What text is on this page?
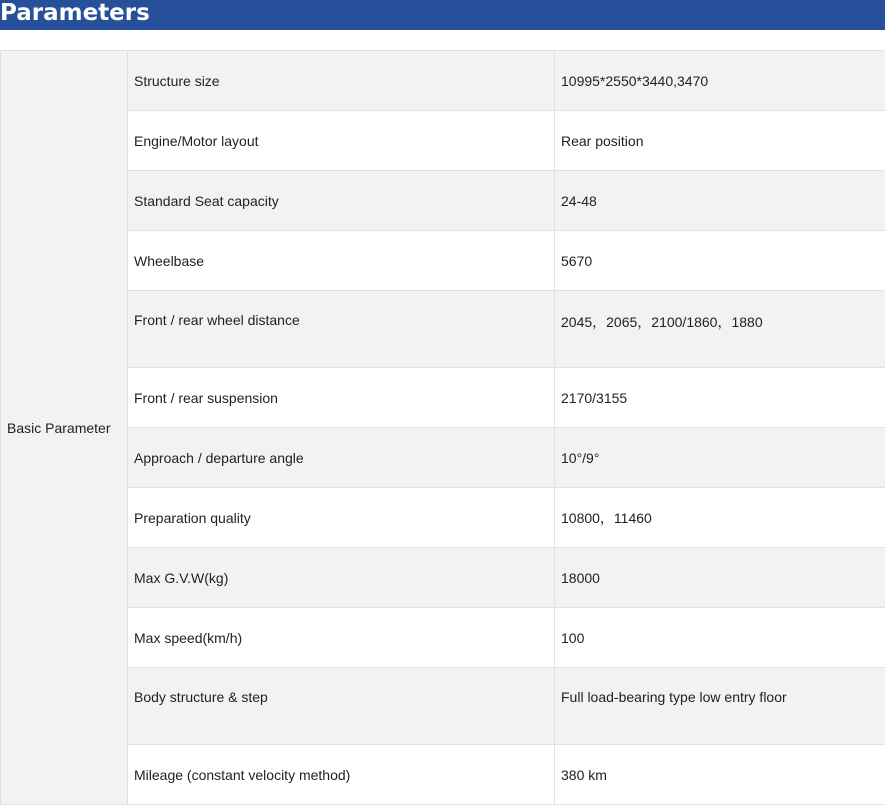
Parameters
Basic Parameter	Structure size	10995*2550*3440,3470
	Engine/Motor layout	Rear position
	Standard Seat capacity	24-48
	Wheelbase	5670
	Front / rear wheel distance	2045，2065，2100/1860，1880
	Front / rear suspension	2170/3155
	Approach / departure angle	10°/9°
	Preparation quality	10800，11460
	Max G.V.W(kg)	18000
	Max speed(km/h)	100
	Body structure & step	Full load-bearing type low entry floor
	Mileage (constant velocity method)	380 km
